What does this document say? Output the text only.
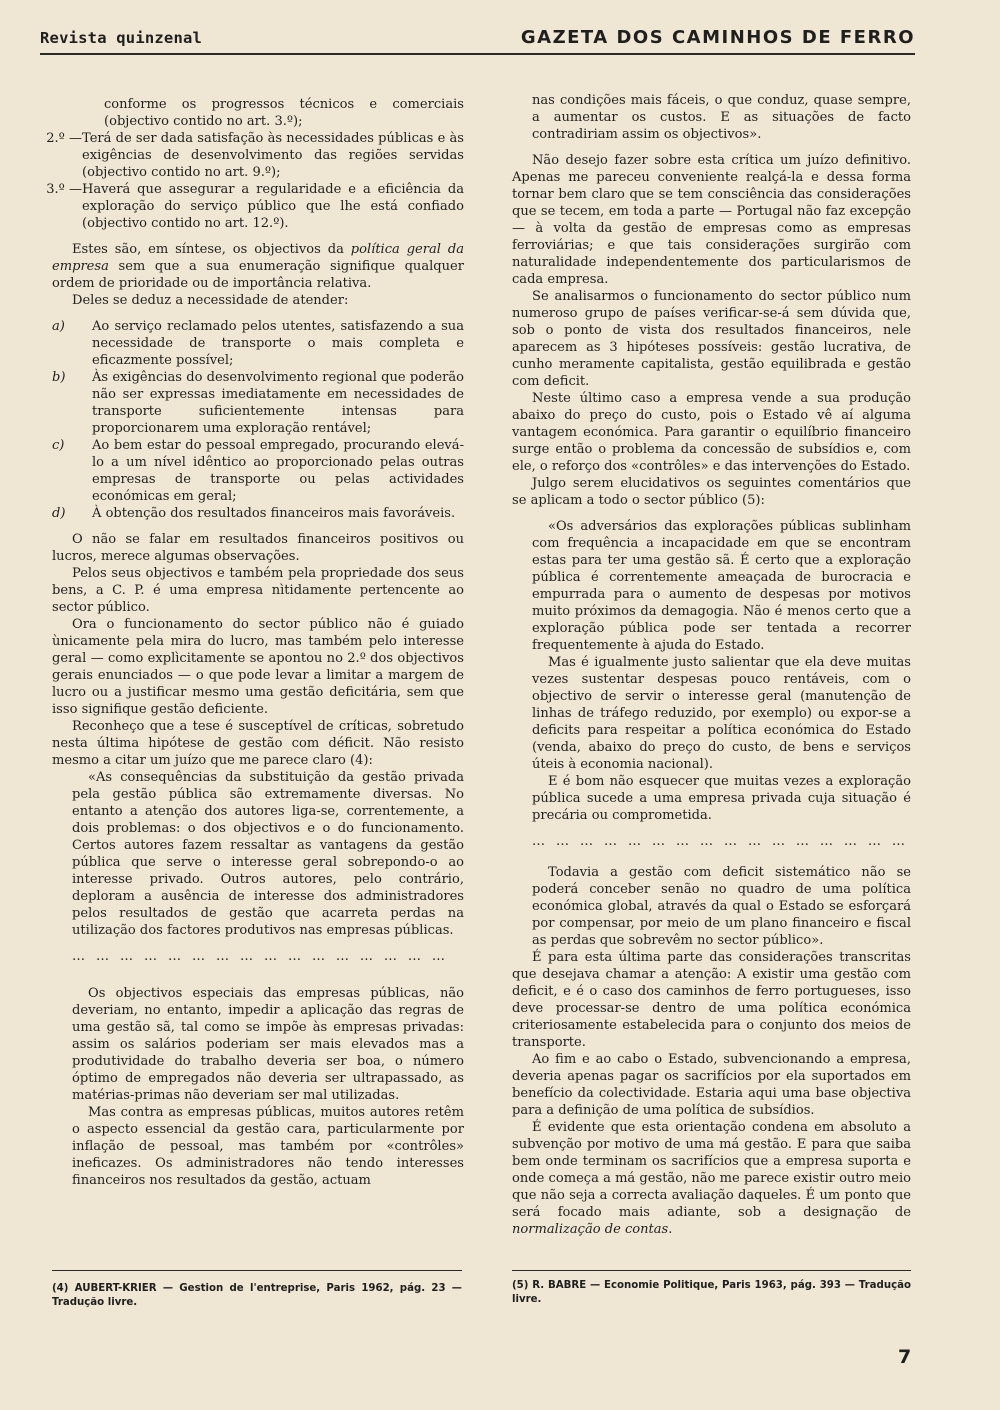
Revista quinzenal	GAZETA DOS CAMINHOS DE FERRO

conforme os progressos técnicos e comerciais (objectivo contido no art. 3.º);

2.º — Terá de ser dada satisfação às necessidades públicas e às exigências de desenvolvimento das regiões servidas (objectivo contido no art. 9.º);
3.º — Haverá que assegurar a regularidade e a eficiência da exploração do serviço público que lhe está confiado (objectivo contido no art. 12.º).

Estes são, em síntese, os objectivos da política geral da empresa sem que a sua enumeração signifique qualquer ordem de prioridade ou de importância relativa.

Deles se deduz a necessidade de atender:

a)	Ao serviço reclamado pelos utentes, satisfazendo a sua necessidade de transporte o mais completa e eficazmente possível;
b)	Às exigências do desenvolvimento regional que poderão não ser expressas imediatamente em necessidades de transporte suficientemente intensas para proporcionarem uma exploração rentável;
c)	Ao bem estar do pessoal empregado, procurando elevá-lo a um nível idêntico ao proporcionado pelas outras empresas de transporte ou pelas actividades económicas em geral;
d)	À obtenção dos resultados financeiros mais favoráveis.

O não se falar em resultados financeiros positivos ou lucros, merece algumas observações.

Pelos seus objectivos e também pela propriedade dos seus bens, a C. P. é uma empresa nìtidamente pertencente ao sector público.

Ora o funcionamento do sector público não é guiado ùnicamente pela mira do lucro, mas também pelo interesse geral — como explìcitamente se apontou no 2.º dos objectivos gerais enunciados — o que pode levar a limitar a margem de lucro ou a justificar mesmo uma gestão deficitária, sem que isso signifique gestão deficiente.

Reconheço que a tese é susceptível de críticas, sobretudo nesta última hipótese de gestão com déficit. Não resisto mesmo a citar um juízo que me parece claro (4):

«As consequências da substituição da gestão privada pela gestão pública são extremamente diversas. No entanto a atenção dos autores liga-se, correntemente, a dois problemas: o dos objectivos e o do funcionamento. Certos autores fazem ressaltar as vantagens da gestão pública que serve o interesse geral sobrepondo-o ao interesse privado. Outros autores, pelo contrário, deploram a ausência de interesse dos administradores pelos resultados de gestão que acarreta perdas na utilização dos factores produtivos nas empresas públicas.

… … … … … … … … … … … … … … … …

Os objectivos especiais das empresas públicas, não deveriam, no entanto, impedir a aplicação das regras de uma gestão sã, tal como se impõe às empresas privadas: assim os salários poderiam ser mais elevados mas a produtividade do trabalho deveria ser boa, o número óptimo de empregados não deveria ser ultrapassado, as matérias-primas não deveriam ser mal utilizadas.

Mas contra as empresas públicas, muitos autores retêm o aspecto essencial da gestão cara, particularmente por inflação de pessoal, mas também por «contrôles» ineficazes. Os administradores não tendo interesses financeiros nos resultados da gestão, actuam

(4) AUBERT-KRIER — Gestion de l'entreprise, Paris 1962, pág. 23 — Tradução livre.

nas condições mais fáceis, o que conduz, quase sempre, a aumentar os custos. E as situações de facto contradiriam assim os objectivos».

Não desejo fazer sobre esta crítica um juízo definitivo. Apenas me pareceu conveniente realçá-la e dessa forma tornar bem claro que se tem consciência das considerações que se tecem, em toda a parte — Portugal não faz excepção — à volta da gestão de empresas como as empresas ferroviárias; e que tais considerações surgirão com naturalidade independentemente dos particularismos de cada empresa.

Se analisarmos o funcionamento do sector público num numeroso grupo de países verificar-se-á sem dúvida que, sob o ponto de vista dos resultados financeiros, nele aparecem as 3 hipóteses possíveis: gestão lucrativa, de cunho meramente capitalista, gestão equilibrada e gestão com deficit.

Neste último caso a empresa vende a sua produção abaixo do preço do custo, pois o Estado vê aí alguma vantagem económica. Para garantir o equilíbrio financeiro surge então o problema da concessão de subsídios e, com ele, o reforço dos «contrôles» e das intervenções do Estado.

Julgo serem elucidativos os seguintes comentários que se aplicam a todo o sector público (5):

«Os adversários das explorações públicas sublinham com frequência a incapacidade em que se encontram estas para ter uma gestão sã. É certo que a exploração pública é correntemente ameaçada de burocracia e empurrada para o aumento de despesas por motivos muito próximos da demagogia. Não é menos certo que a exploração pública pode ser tentada a recorrer frequentemente à ajuda do Estado.

Mas é igualmente justo salientar que ela deve muitas vezes sustentar despesas pouco rentáveis, com o objectivo de servir o interesse geral (manutenção de linhas de tráfego reduzido, por exemplo) ou expor-se a deficits para respeitar a política económica do Estado (venda, abaixo do preço do custo, de bens e serviços úteis à economia nacional).

E é bom não esquecer que muitas vezes a exploração pública sucede a uma empresa privada cuja situação é precária ou comprometida.

… … … … … … … … … … … … … … … …

Todavia a gestão com deficit sistemático não se poderá conceber senão no quadro de uma política económica global, através da qual o Estado se esforçará por compensar, por meio de um plano financeiro e fiscal as perdas que sobrevêm no sector público».

É para esta última parte das considerações transcritas que desejava chamar a atenção: A existir uma gestão com deficit, e é o caso dos caminhos de ferro portugueses, isso deve processar-se dentro de uma política económica criteriosamente estabelecida para o conjunto dos meios de transporte.

Ao fim e ao cabo o Estado, subvencionando a empresa, deveria apenas pagar os sacrifícios por ela suportados em benefício da colectividade. Estaria aqui uma base objectiva para a definição de uma política de subsídios.

É evidente que esta orientação condena em absoluto a subvenção por motivo de uma má gestão. E para que saiba bem onde terminam os sacrifícios que a empresa suporta e onde começa a má gestão, não me parece existir outro meio que não seja a correcta avaliação daqueles. É um ponto que será focado mais adiante, sob a designação de normalização de contas.

(5) R. BABRE — Economie Politique, Paris 1963, pág. 393 — Tradução livre.
7
